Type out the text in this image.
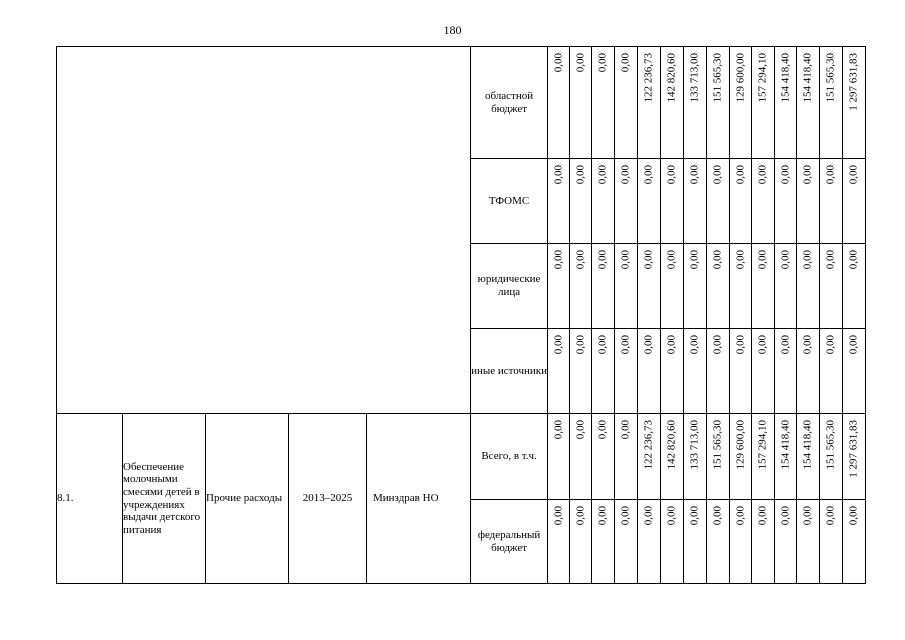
180
					областной бюджет	0,00	0,00	0,00	0,00	122 236,73	142 820,60	133 713,00	151 565,30	129 600,00	157 294,10	154 418,40	154 418,40	151 565,30	1 297 631,83

					ТФОМС	0,00	0,00	0,00	0,00	0,00	0,00	0,00	0,00	0,00	0,00	0,00	0,00	0,00	0,00

					юридические лица	0,00	0,00	0,00	0,00	0,00	0,00	0,00	0,00	0,00	0,00	0,00	0,00	0,00	0,00

					иные источники	0,00	0,00	0,00	0,00	0,00	0,00	0,00	0,00	0,00	0,00	0,00	0,00	0,00	0,00

8.1.	Обеспечение молочными смесями детей в учреждениях выдачи детского питания	Прочие расходы	2013–2025	Минздрав НО	Всего, в т.ч.	0,00	0,00	0,00	0,00	122 236,73	142 820,60	133 713,00	151 565,30	129 600,00	157 294,10	154 418,40	154 418,40	151 565,30	1 297 631,83

					федеральный бюджет	0,00	0,00	0,00	0,00	0,00	0,00	0,00	0,00	0,00	0,00	0,00	0,00	0,00	0,00
